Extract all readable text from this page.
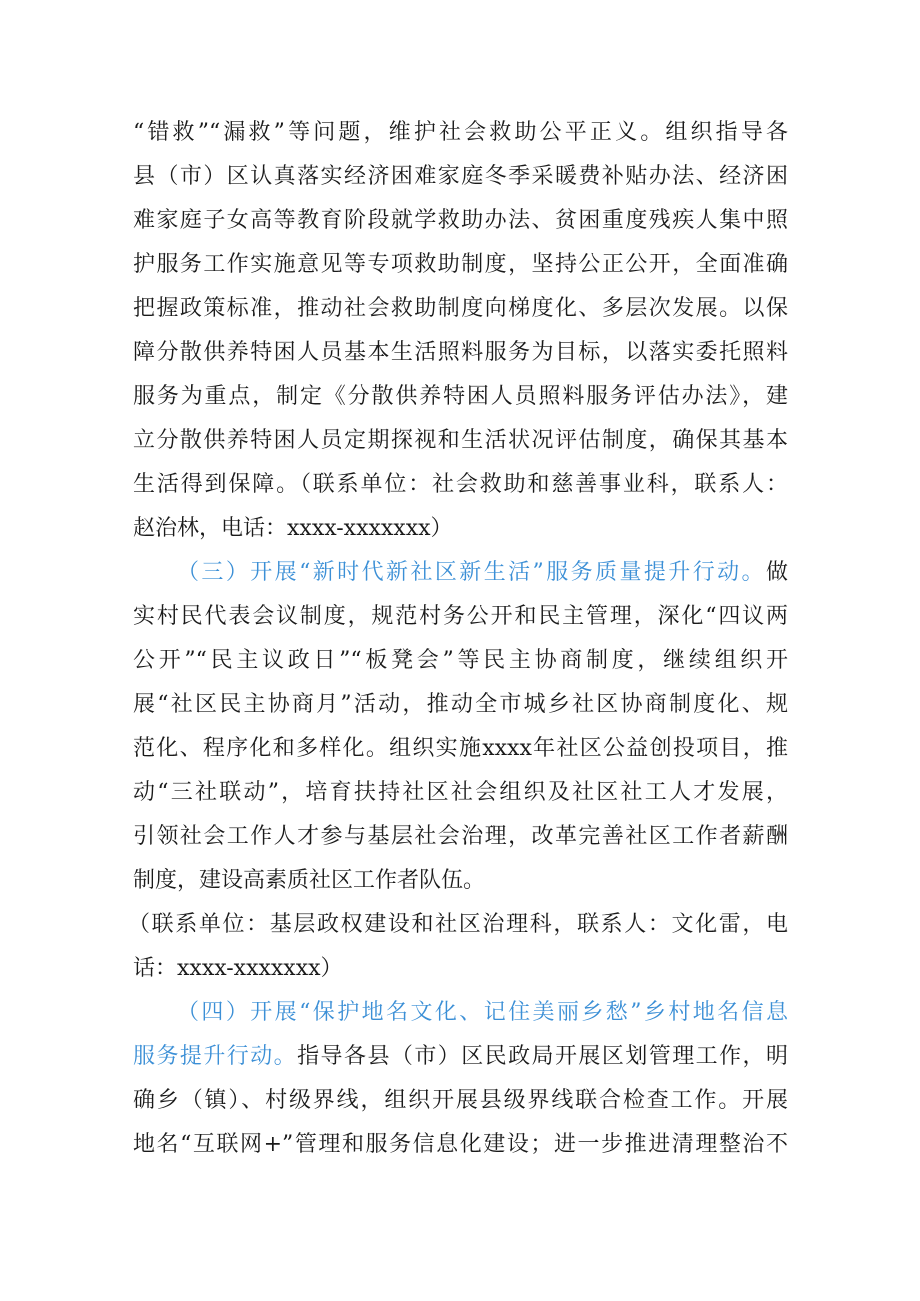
“错救”“漏救”等问题，维护社会救助公平正义。组织指导各
县（市）区认真落实经济困难家庭冬季采暖费补贴办法、经济困
难家庭子女高等教育阶段就学救助办法、贫困重度残疾人集中照
护服务工作实施意见等专项救助制度，坚持公正公开，全面准确
把握政策标准，推动社会救助制度向梯度化、多层次发展。以保
障分散供养特困人员基本生活照料服务为目标，以落实委托照料
服务为重点，制定《分散供养特困人员照料服务评估办法》，建
立分散供养特困人员定期探视和生活状况评估制度，确保其基本
生活得到保障。（联系单位：社会救助和慈善事业科，联系人：
赵治林，电话：xxxx-xxxxxxx）
（三）开展“新时代新社区新生活”服务质量提升行动。做
实村民代表会议制度，规范村务公开和民主管理，深化“四议两
公开”“民主议政日”“板凳会”等民主协商制度，继续组织开
展“社区民主协商月”活动，推动全市城乡社区协商制度化、规
范化、程序化和多样化。组织实施xxxx年社区公益创投项目，推
动“三社联动”，培育扶持社区社会组织及社区社工人才发展，
引领社会工作人才参与基层社会治理，改革完善社区工作者薪酬
制度，建设高素质社区工作者队伍。
（联系单位：基层政权建设和社区治理科，联系人：文化雷，电
话：xxxx-xxxxxxx）
（四）开展“保护地名文化、记住美丽乡愁”乡村地名信息
服务提升行动。指导各县（市）区民政局开展区划管理工作，明
确乡（镇）、村级界线，组织开展县级界线联合检查工作。开展
地名“互联网+”管理和服务信息化建设；进一步推进清理整治不
